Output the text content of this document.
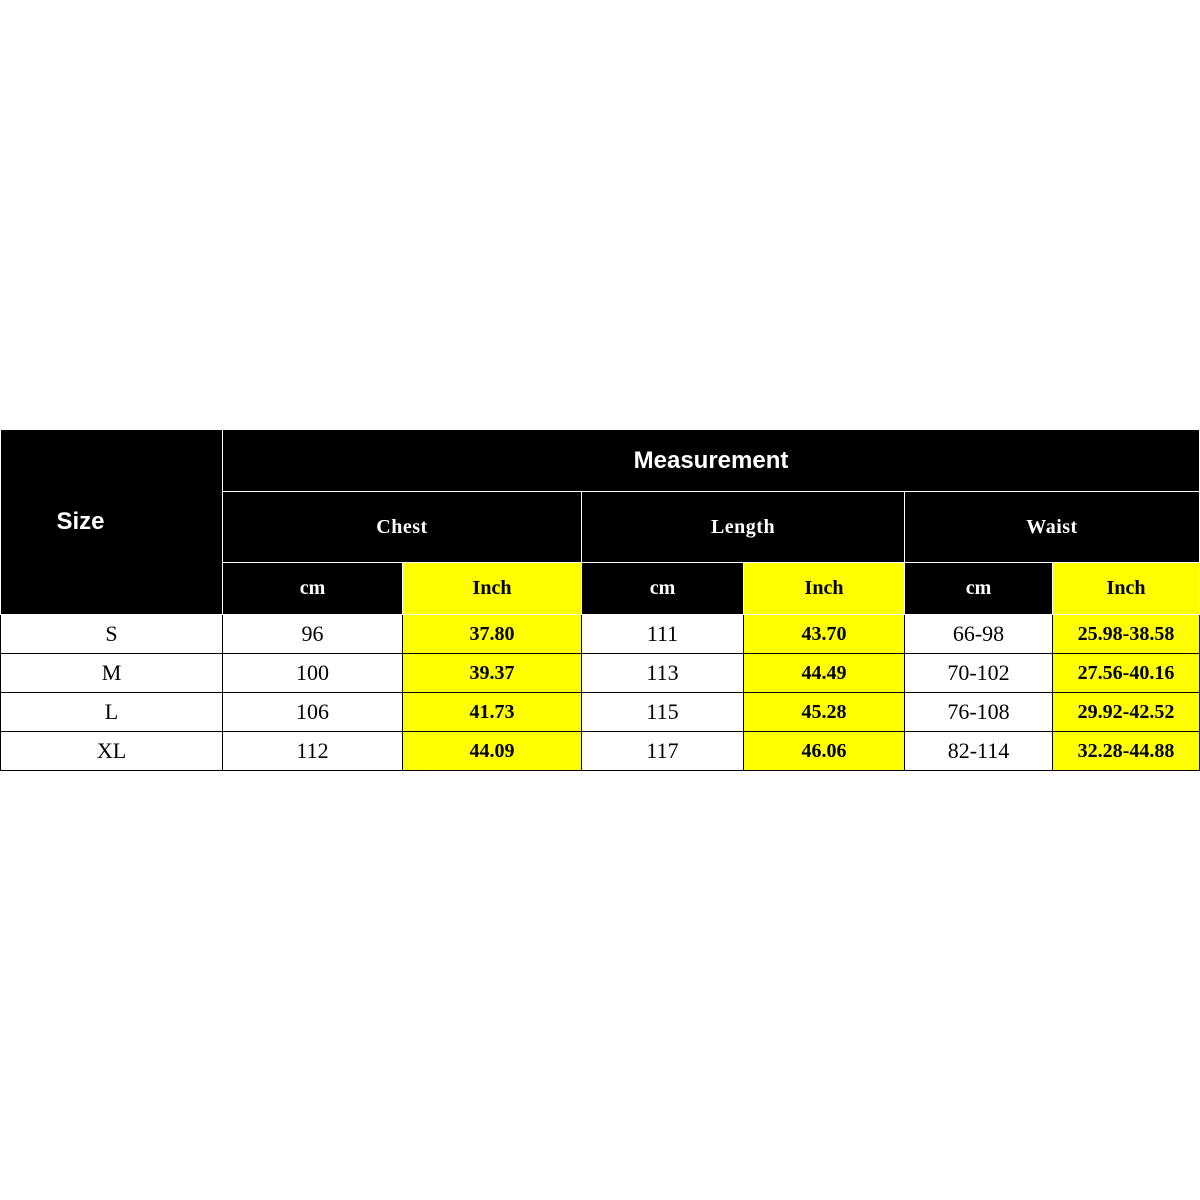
Size	Measurement					
	Chest		Length		Waist	
	cm	Inch	cm	Inch	cm	Inch
S	96	37.80	111	43.70	66-98	25.98-38.58
M	100	39.37	113	44.49	70-102	27.56-40.16
L	106	41.73	115	45.28	76-108	29.92-42.52
XL	112	44.09	117	46.06	82-114	32.28-44.88
